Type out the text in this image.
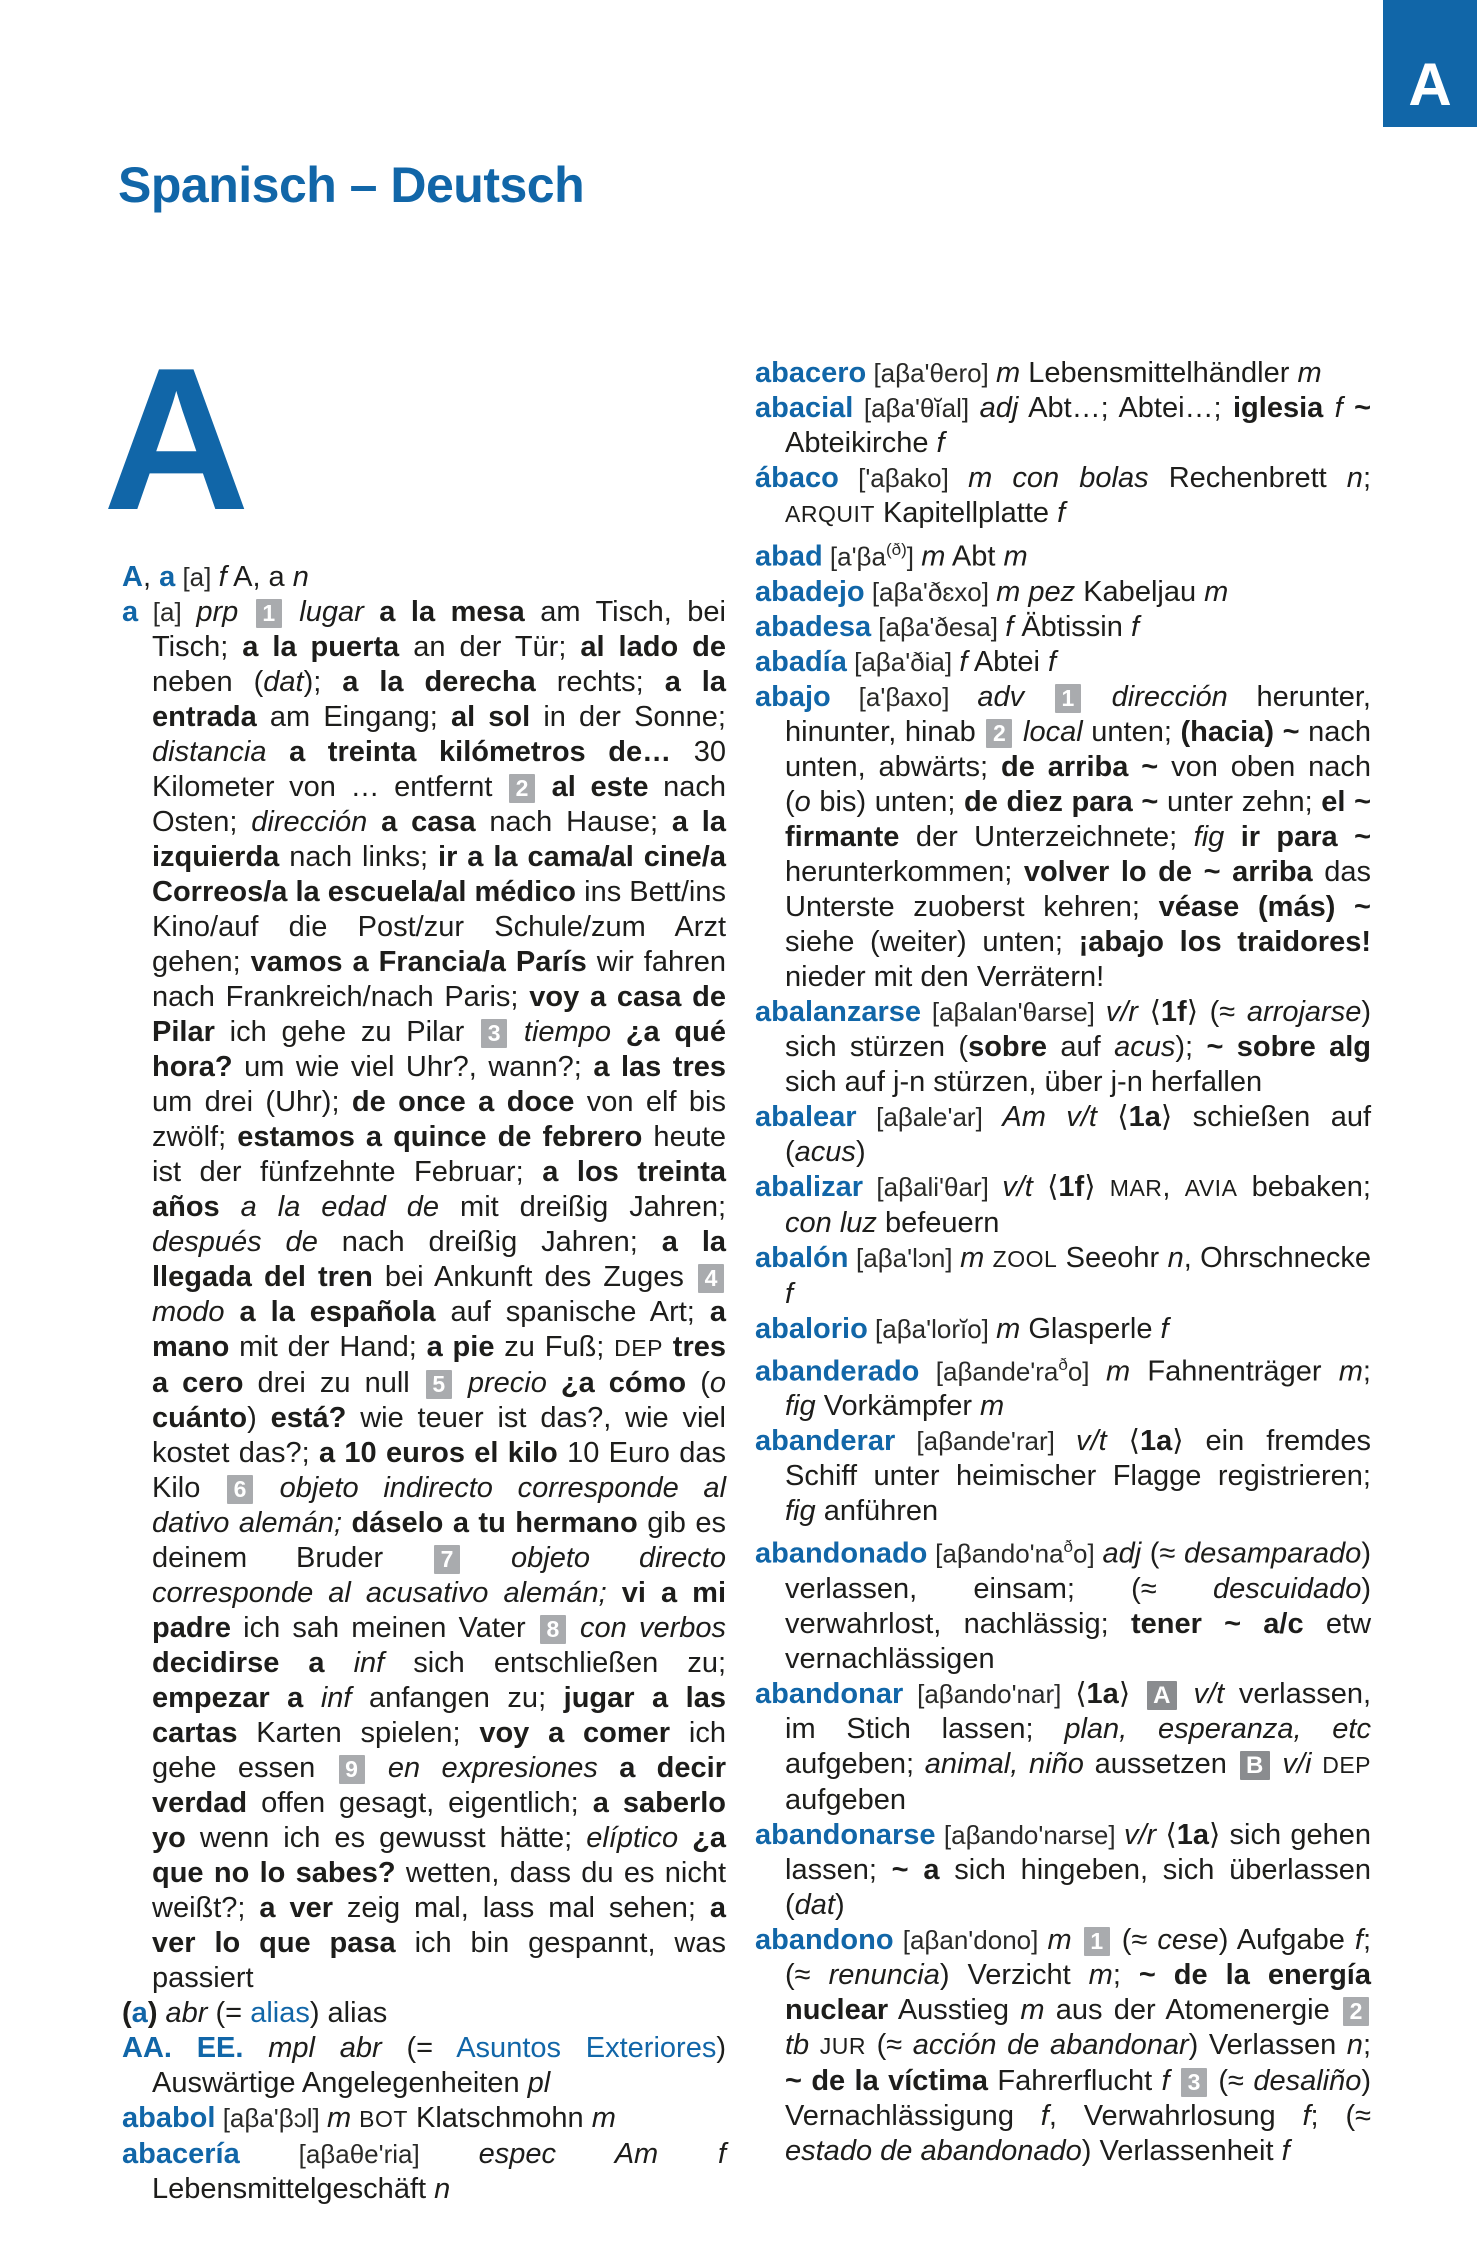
A
Spanisch – Deutsch
A

A, a [a] f A, a n

a [a] prp 1 lugar a la mesa am Tisch, bei Tisch; a la puerta an der Tür; al lado de neben (dat); a la derecha rechts; a la entrada am Eingang; al sol in der Sonne; distancia a treinta kilómetros de… 30 Kilometer von … entfernt 2 al este nach Osten; dirección a casa nach Hause; a la izquierda nach links; ir a la cama/al cine/a Correos/a la escuela/al médico ins Bett/ins Kino/auf die Post/zur Schule/zum Arzt gehen; vamos a Francia/a París wir fahren nach Frankreich/nach Paris; voy a casa de Pilar ich gehe zu Pilar 3 tiempo ¿a qué hora? um wie viel Uhr?, wann?; a las tres um drei (Uhr); de once a doce von elf bis zwölf; estamos a quince de febrero heute ist der fünfzehnte Februar; a los treinta años a la edad de mit dreißig Jahren; después de nach dreißig Jahren; a la llegada del tren bei Ankunft des Zuges 4 modo a la española auf spanische Art; a mano mit der Hand; a pie zu Fuß; DEP tres a cero drei zu null 5 precio ¿a cómo (o cuánto) está? wie teuer ist das?, wie viel kostet das?; a 10 euros el kilo 10 Euro das Kilo 6 objeto indirecto corresponde al dativo alemán; dáselo a tu hermano gib es deinem Bruder 7 objeto directo corresponde al acusativo alemán; vi a mi padre ich sah meinen Vater 8 con verbos decidirse a inf sich entschließen zu; empezar a inf anfangen zu; jugar a las cartas Karten spielen; voy a comer ich gehe essen 9 en expresiones a decir verdad offen gesagt, eigentlich; a saberlo yo wenn ich es gewusst hätte; elíptico ¿a que no lo sabes? wetten, dass du es nicht weißt?; a ver zeig mal, lass mal sehen; a ver lo que pasa ich bin gespannt, was passiert

(a) abr (= alias) alias

AA. EE. mpl abr (= Asuntos Exteriores) Auswärtige Angelegenheiten pl

ababol [aβa'βɔl] m BOT Klatschmohn m

abacería [aβaθe'ria] espec Am f Lebensmittelgeschäft n

abacero [aβa'θero] m Lebensmittelhändler m

abacial [aβa'θĭal] adj Abt…; Abtei…; iglesia f ~ Abteikirche f

ábaco ['aβako] m con bolas Rechenbrett n; ARQUIT Kapitellplatte f

abad $[a'\beta a^{(ð)}]$ m Abt m

abadejo [aβa'ðɛxo] m pez Kabeljau m

abadesa [aβa'ðesa] f Äbtissin f

abadía [aβa'ðia] f Abtei f

abajo [a'βaxo] adv 1 dirección herunter, hinunter, hinab 2 local unten; (hacia) ~ nach unten, abwärts; de arriba ~ von oben nach (o bis) unten; de diez para ~ unter zehn; el ~ firmante der Unterzeichnete; fig ir para ~ herunterkommen; volver lo de ~ arriba das Unterste zuoberst kehren; véase (más) ~ siehe (weiter) unten; ¡abajo los traidores! nieder mit den Verrätern!

abalanzarse [aβalan'θarse] v/r ⟨1f⟩ (≈ arrojarse) sich stürzen (sobre auf acus); ~ sobre alg sich auf j-n stürzen, über j-n herfallen

abalear [aβale'ar] Am v/t ⟨1a⟩ schießen auf (acus)

abalizar [aβali'θar] v/t ⟨1f⟩ MAR, AVIA bebaken; con luz befeuern

abalón [aβa'lɔn] m ZOOL Seeohr n, Ohrschnecke f

abalorio [aβa'lorĭo] m Glasperle f

abanderado $[a\beta ande'ra^ðo]$ m Fahnenträger m; fig Vorkämpfer m

abanderar [aβande'rar] v/t ⟨1a⟩ ein fremdes Schiff unter heimischer Flagge registrieren; fig anführen

abandonado $[a\beta ando'na^ðo]$ adj (≈ desamparado) verlassen, einsam; (≈ descuidado) verwahrlost, nachlässig; tener ~ a/c etw vernachlässigen

abandonar [aβando'nar] ⟨1a⟩ A v/t verlassen, im Stich lassen; plan, esperanza, etc aufgeben; animal, niño aussetzen B v/i DEP aufgeben

abandonarse [aβando'narse] v/r ⟨1a⟩ sich gehen lassen; ~ a sich hingeben, sich überlassen (dat)

abandono [aβan'dono] m 1 (≈ cese) Aufgabe f; (≈ renuncia) Verzicht m; ~ de la energía nuclear Ausstieg m aus der Atomenergie 2 tb JUR (≈ acción de abandonar) Verlassen n; ~ de la víctima Fahrerflucht f 3 (≈ desaliño) Vernachlässigung f, Verwahrlosung f; (≈ estado de abandonado) Verlassenheit f
